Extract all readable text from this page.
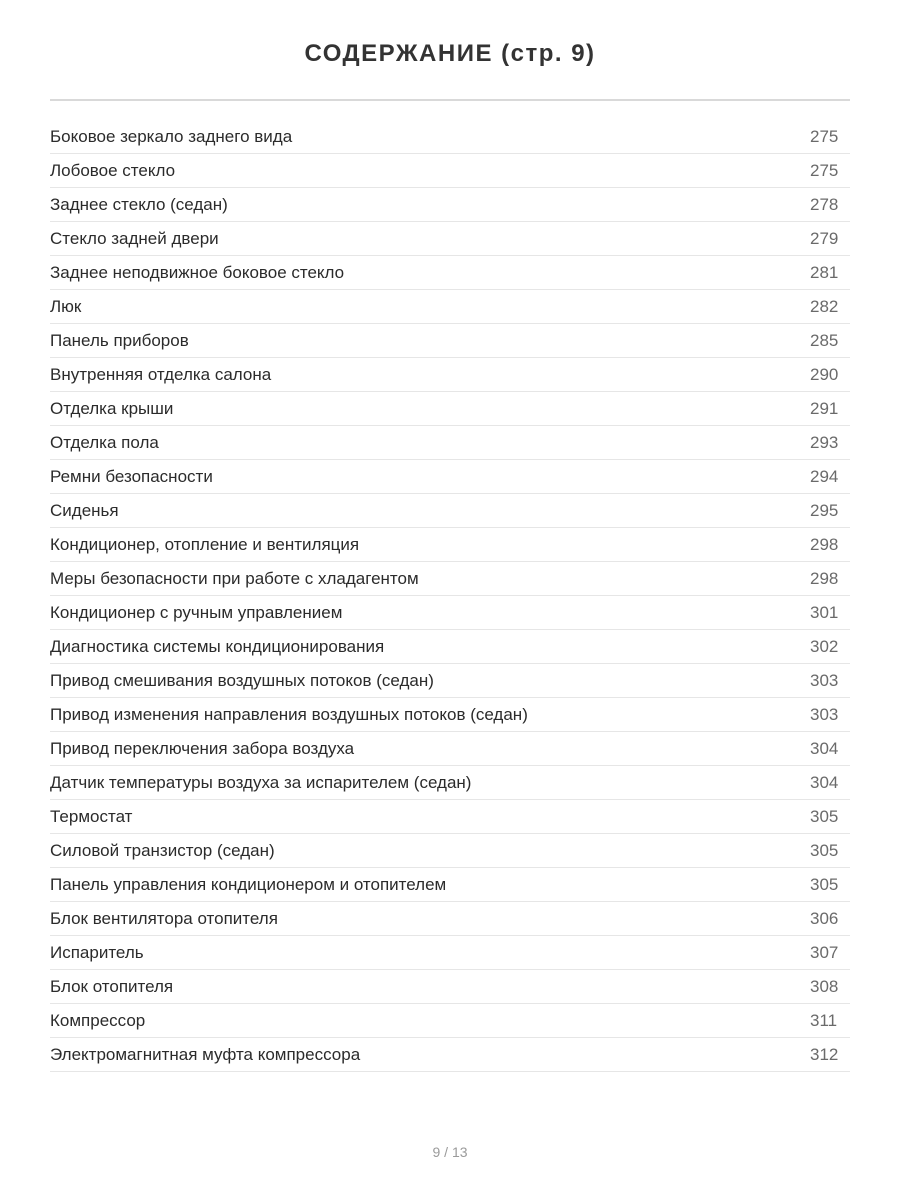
СОДЕРЖАНИЕ (стр. 9)
Боковое зеркало заднего вида	275
Лобовое стекло	275
Заднее стекло (седан)	278
Стекло задней двери	279
Заднее неподвижное боковое стекло	281
Люк	282
Панель приборов	285
Внутренняя отделка салона	290
Отделка крыши	291
Отделка пола	293
Ремни безопасности	294
Сиденья	295
Кондиционер, отопление и вентиляция	298
Меры безопасности при работе с хладагентом	298
Кондиционер с ручным управлением	301
Диагностика системы кондиционирования	302
Привод смешивания воздушных потоков (седан)	303
Привод изменения направления воздушных потоков (седан)	303
Привод переключения забора воздуха	304
Датчик температуры воздуха за испарителем (седан)	304
Термостат	305
Силовой транзистор (седан)	305
Панель управления кондиционером и отопителем	305
Блок вентилятора отопителя	306
Испаритель	307
Блок отопителя	308
Компрессор	311
Электромагнитная муфта компрессора	312
9 / 13
